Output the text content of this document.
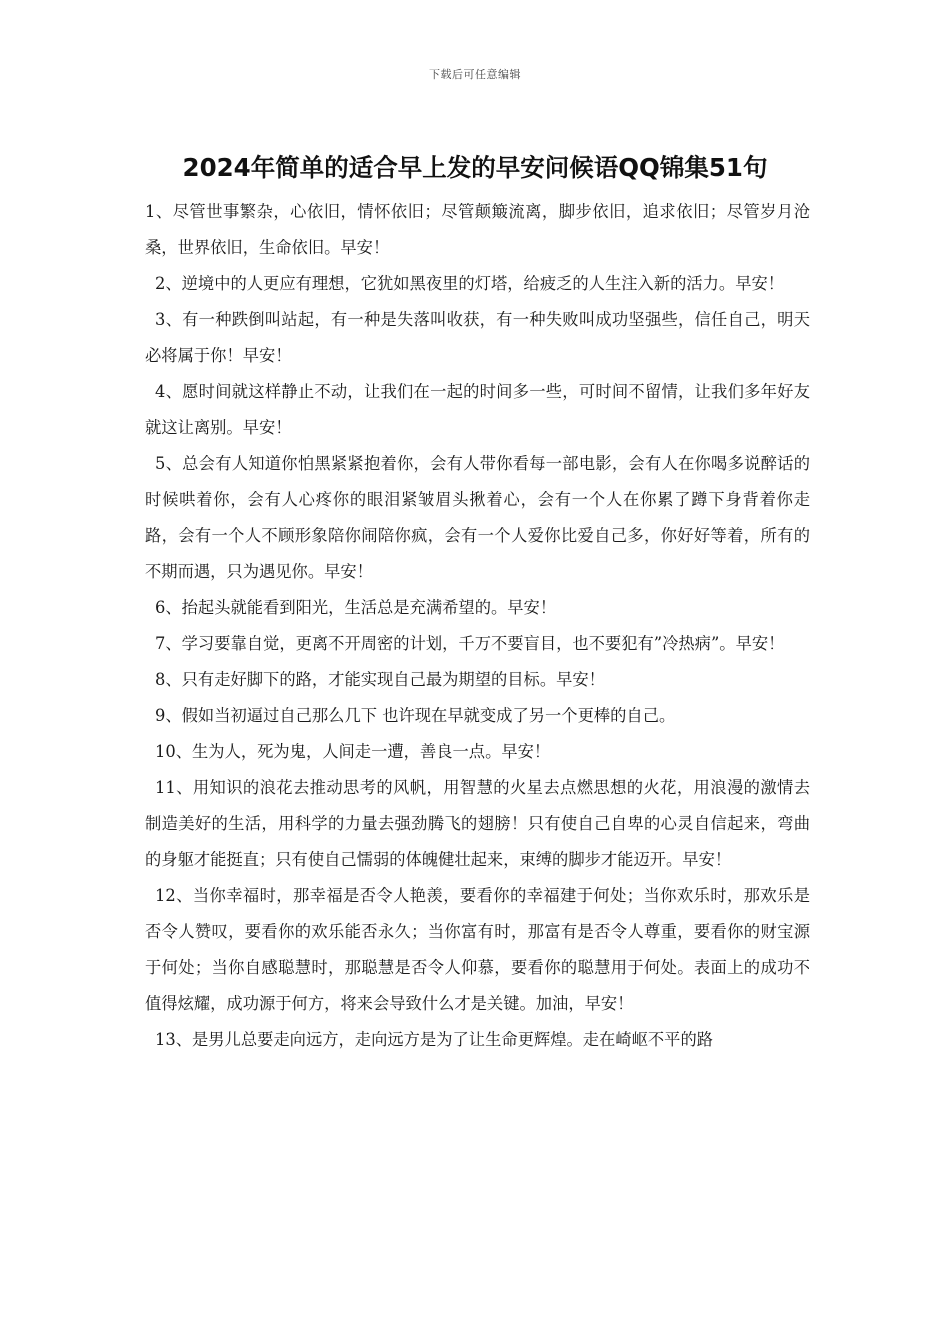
下载后可任意编辑
2024年简单的适合早上发的早安问候语QQ锦集51句

1、尽管世事繁杂，心依旧，情怀依旧；尽管颠簸流离，脚步依旧，追求依旧；尽管岁月沧桑，世界依旧，生命依旧。早安！

2、逆境中的人更应有理想，它犹如黑夜里的灯塔，给疲乏的人生注入新的活力。早安！

3、有一种跌倒叫站起，有一种是失落叫收获，有一种失败叫成功坚强些，信任自己，明天必将属于你！早安！

4、愿时间就这样静止不动，让我们在一起的时间多一些，可时间不留情，让我们多年好友就这让离别。早安！

5、总会有人知道你怕黑紧紧抱着你，会有人带你看每一部电影，会有人在你喝多说醉话的时候哄着你，会有人心疼你的眼泪紧皱眉头揪着心，会有一个人在你累了蹲下身背着你走路，会有一个人不顾形象陪你闹陪你疯，会有一个人爱你比爱自己多，你好好等着，所有的不期而遇，只为遇见你。早安！

6、抬起头就能看到阳光，生活总是充满希望的。早安！

7、学习要靠自觉，更离不开周密的计划，千万不要盲目，也不要犯有”冷热病”。早安！

8、只有走好脚下的路，才能实现自己最为期望的目标。早安！

9、假如当初逼过自己那么几下 也许现在早就变成了另一个更棒的自己。

10、生为人，死为鬼，人间走一遭，善良一点。早安！

11、用知识的浪花去推动思考的风帆，用智慧的火星去点燃思想的火花，用浪漫的激情去制造美好的生活，用科学的力量去强劲腾飞的翅膀！只有使自己自卑的心灵自信起来，弯曲的身躯才能挺直；只有使自己懦弱的体魄健壮起来，束缚的脚步才能迈开。早安！

12、当你幸福时，那幸福是否令人艳羡，要看你的幸福建于何处；当你欢乐时，那欢乐是否令人赞叹，要看你的欢乐能否永久；当你富有时，那富有是否令人尊重，要看你的财宝源于何处；当你自感聪慧时，那聪慧是否令人仰慕，要看你的聪慧用于何处。表面上的成功不值得炫耀，成功源于何方，将来会导致什么才是关键。加油，早安！

13、是男儿总要走向远方，走向远方是为了让生命更辉煌。走在崎岖不平的路
